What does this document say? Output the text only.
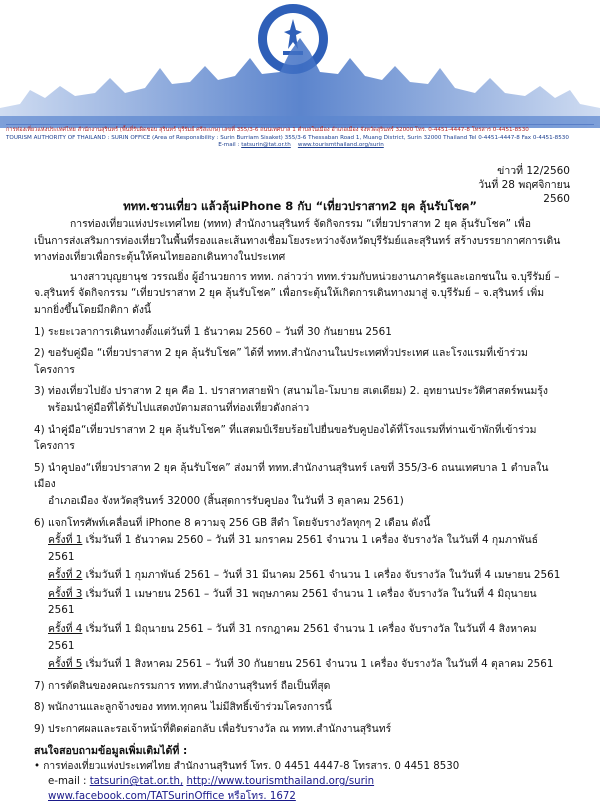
การท่องเที่ยวแห่งประเทศไทย สำนักงานสุรินทร์ (พื้นที่รับผิดชอบ สุรินทร์ บุรีรัมย์ ศรีสะเกษ) เลขที่ 355/3-6 ถนนเทศบาล 1 ตำบลในเมือง อำเภอเมือง จังหวัดสุรินทร์ 32000 โทร. 0-4451-4447-8 โทรสาร 0-4451-8530
TOURISM AUTHORITY OF THAILAND : SURIN OFFICE (Area of Responsibility : Surin Burriam Sisaket) 355/3-6 Thessaban Road 1, Muang District, Surin 32000 Thailand Tel 0-4451-4447-8 Fax 0-4451-8530
E-mail : tatsurin@tat.or.th www.tourismthailand.org/surin
ข่าวที่ 12/2560
วันที่ 28 พฤศจิกายน 2560
ททท.ชวนเที่ยว แล้วลุ้นiPhone 8 กับ “เที่ยวปราสาท2 ยุค ลุ้นรับโชค”

การท่องเที่ยวแห่งประเทศไทย (ททท) สำนักงานสุรินทร์ จัดกิจกรรม “เที่ยวปราสาท 2 ยุค ลุ้นรับโชค” เพื่อเป็นการส่งเสริมการท่องเที่ยวในพื้นที่รองและเส้นทางเชื่อมโยงระหว่างจังหวัดบุรีรัมย์และสุรินทร์ สร้างบรรยากาศการเดินทางท่องเที่ยวเพื่อกระตุ้นให้คนไทยออกเดินทางในประเทศ

นางสาวบุญยานุช วรรณยิ่ง ผู้อำนวยการ ททท. กล่าวว่า ททท.ร่วมกับหน่วยงานภาครัฐและเอกชนใน จ.บุรีรัมย์ – จ.สุรินทร์ จัดกิจกรรม “เที่ยวปราสาท 2 ยุค ลุ้นรับโชค” เพื่อกระตุ้นให้เกิดการเดินทางมาสู่ จ.บุรีรัมย์ – จ.สุรินทร์ เพิ่มมากยิ่งขึ้นโดยมีกติกา ดังนี้

1) ระยะเวลาการเดินทางตั้งแต่วันที่ 1 ธันวาคม 2560 – วันที่ 30 กันยายน 2561
2) ขอรับคู่มือ “เที่ยวปราสาท 2 ยุค ลุ้นรับโชค” ได้ที่ ททท.สำนักงานในประเทศทั่วประเทศ และโรงแรมที่เข้าร่วมโครงการ
3) ท่องเที่ยวไปยัง ปราสาท 2 ยุค คือ 1. ปราสาทสายฟ้า (สนามไอ-โมบาย สเตเดียม) 2. อุทยานประวัติศาสตร์พนมรุ้ง
พร้อมนำคู่มือที่ได้รับไปแสดงบัตามสถานที่ท่องเที่ยวดังกล่าว
4) นำคู่มือ“เที่ยวปราสาท 2 ยุค ลุ้นรับโชค” ที่แสตมป์เรียบร้อยไปยื่นขอรับคูปองได้ที่โรงแรมที่ท่านเข้าพักที่เข้าร่วมโครงการ
5) นำคูปอง“เที่ยวปราสาท 2 ยุค ลุ้นรับโชค” ส่งมาที่ ททท.สำนักงานสุรินทร์ เลขที่ 355/3-6 ถนนเทศบาล 1 ตำบลในเมือง
อำเภอเมือง จังหวัดสุรินทร์ 32000 (สิ้นสุดการรับคูปอง ในวันที่ 3 ตุลาคม 2561)
6) แจกโทรศัพท์เคลื่อนที่ iPhone 8 ความจุ 256 GB สีดำ โดยจับรางวัลทุกๆ 2 เดือน ดังนี้
ครั้งที่ 1 เริ่มวันที่ 1 ธันวาคม 2560 – วันที่ 31 มกราคม 2561 จำนวน 1 เครื่อง จับรางวัล ในวันที่ 4 กุมภาพันธ์ 2561
ครั้งที่ 2 เริ่มวันที่ 1 กุมภาพันธ์ 2561 – วันที่ 31 มีนาคม 2561 จำนวน 1 เครื่อง จับรางวัล ในวันที่ 4 เมษายน 2561
ครั้งที่ 3 เริ่มวันที่ 1 เมษายน 2561 – วันที่ 31 พฤษภาคม 2561 จำนวน 1 เครื่อง จับรางวัล ในวันที่ 4 มิถุนายน 2561
ครั้งที่ 4 เริ่มวันที่ 1 มิถุนายน 2561 – วันที่ 31 กรกฎาคม 2561 จำนวน 1 เครื่อง จับรางวัล ในวันที่ 4 สิงหาคม 2561
ครั้งที่ 5 เริ่มวันที่ 1 สิงหาคม 2561 – วันที่ 30 กันยายน 2561 จำนวน 1 เครื่อง จับรางวัล ในวันที่ 4 ตุลาคม 2561
7) การตัดสินของคณะกรรมการ ททท.สำนักงานสุรินทร์ ถือเป็นที่สุด
8) พนักงานและลูกจ้างของ ททท.ทุกคน ไม่มีสิทธิ์เข้าร่วมโครงการนี้
9) ประกาศผลและรอเจ้าหน้าที่ติดต่อกลับ เพื่อรับรางวัล ณ ททท.สำนักงานสุรินทร์
สนใจสอบถามข้อมูลเพิ่มเติมได้ที่ :
• การท่องเที่ยวแห่งประเทศไทย สำนักงานสุรินทร์ โทร. 0 4451 4447-8 โทรสาร. 0 4451 8530
e-mail : tatsurin@tat.or.th, http://www.tourismthailand.org/surin
www.facebook.com/TATSurinOffice หรือโทร. 1672
